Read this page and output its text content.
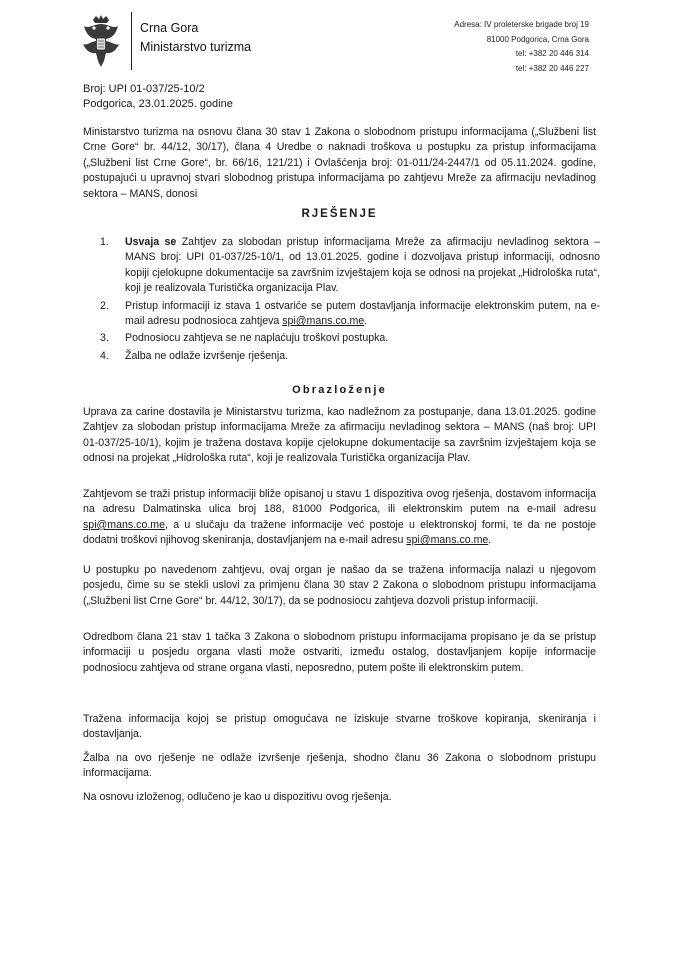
Crna Gora
Ministarstvo turizma
Adresa: IV proleterske brigade broj 19
81000 Podgorica, Crna Gora
tel: +382 20 446 314
tel: +382 20 446 227
Broj: UPI 01-037/25-10/2
Podgorica, 23.01.2025. godine
Ministarstvo turizma na osnovu člana 30 stav 1 Zakona o slobodnom pristupu informacijama („Službeni list Crne Gore“ br. 44/12, 30/17), člana 4 Uredbe o naknadi troškova u postupku za pristup informacijama („Službeni list Crne Gore“, br. 66/16, 121/21) i Ovlašćenja broj: 01-011/24-2447/1 od 05.11.2024. godine, postupajući u upravnoj stvari slobodnog pristupa informacijama po zahtjevu Mreže za afirmaciju nevladinog sektora – MANS, donosi
RJEŠENJE
1. Usvaja se Zahtjev za slobodan pristup informacijama Mreže za afirmaciju nevladinog sektora – MANS broj: UPI 01-037/25-10/1, od 13.01.2025. godine i dozvoljava pristup informaciji, odnosno kopiji cjelokupne dokumentacije sa završnim izvještajem koja se odnosi na projekat „Hidrološka ruta“, koji je realizovala Turistička organizacija Plav.
2. Pristup informaciji iz stava 1 ostvariće se putem dostavljanja informacije elektronskim putem, na e-mail adresu podnosioca zahtjeva spi@mans.co.me.
3. Podnosiocu zahtjeva se ne naplaćuju troškovi postupka.
4. Žalba ne odlaže izvršenje rješenja.
Obrazloženje
Uprava za carine dostavila je Ministarstvu turizma, kao nadležnom za postupanje, dana 13.01.2025. godine Zahtjev za slobodan pristup informacijama Mreže za afirmaciju nevladinog sektora – MANS (naš broj: UPI 01-037/25-10/1), kojim je tražena dostava kopije cjelokupne dokumentacije sa završnim izvještajem koja se odnosi na projekat „Hidrološka ruta“, koji je realizovala Turistička organizacija Plav.
Zahtjevom se traži pristup informaciji bliže opisanoj u stavu 1 dispozitiva ovog rješenja, dostavom informacija na adresu Dalmatinska ulica broj 188, 81000 Podgorica, ili elektronskim putem na e-mail adresu spi@mans.co.me, a u slučaju da tražene informacije već postoje u elektronskoj formi, te da ne postoje dodatni troškovi njihovog skeniranja, dostavljanjem na e-mail adresu spi@mans.co.me.
U postupku po navedenom zahtjevu, ovaj organ je našao da se tražena informacija nalazi u njegovom posjedu, čime su se stekli uslovi za primjenu člana 30 stav 2 Zakona o slobodnom pristupu informacijama („Službeni list Crne Gore“ br. 44/12, 30/17), da se podnosiocu zahtjeva dozvoli pristup informaciji.
Odredbom člana 21 stav 1 tačka 3 Zakona o slobodnom pristupu informacijama propisano je da se pristup informaciji u posjedu organa vlasti može ostvariti, između ostalog, dostavljanjem kopije informacije podnosiocu zahtjeva od strane organa vlasti, neposredno, putem pošte ili elektronskim putem.
Tražena informacija kojoj se pristup omogućava ne iziskuje stvarne troškove kopiranja, skeniranja i dostavljanja.
Žalba na ovo rješenje ne odlaže izvršenje rješenja, shodno članu 36 Zakona o slobodnom pristupu informacijama.
Na osnovu izloženog, odlučeno je kao u dispozitivu ovog rješenja.
